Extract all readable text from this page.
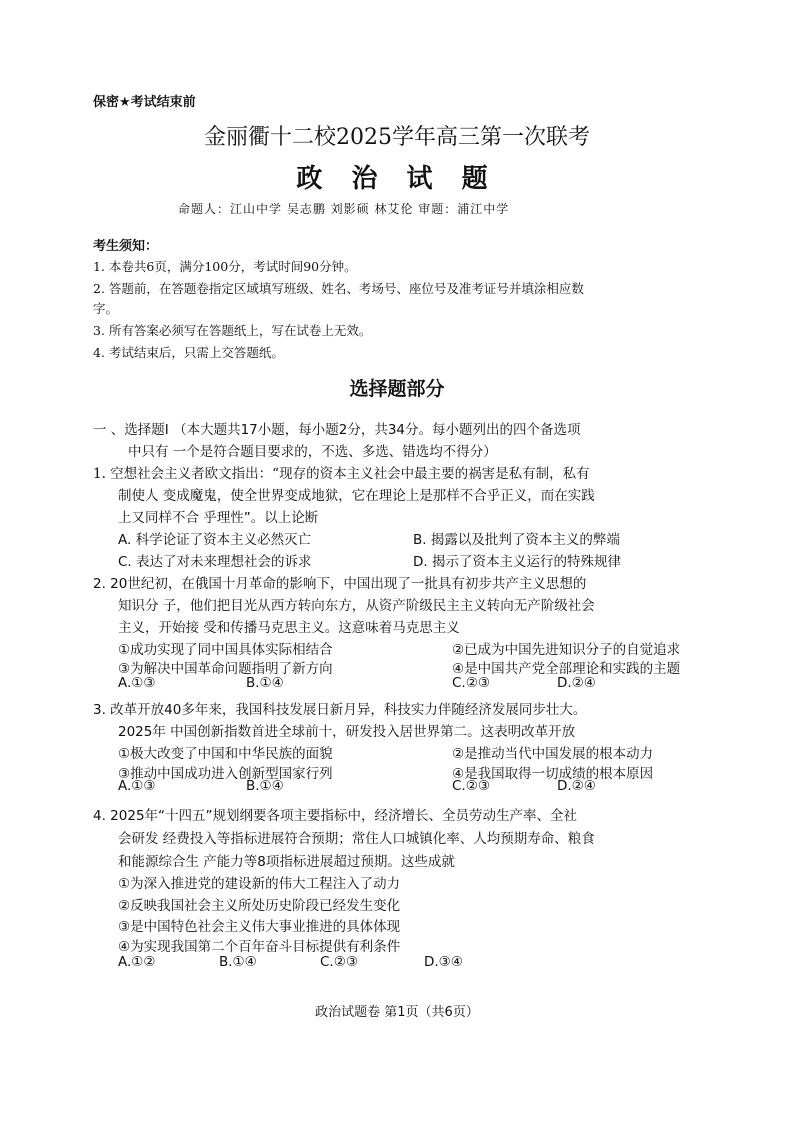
保密★考试结束前
金丽衢十二校2025学年高三第一次联考
政 治 试 题
命题人：江山中学 吴志鹏 刘影硕 林艾伦 审题：浦江中学
考生须知：
1. 本卷共6页，满分100分，考试时间90分钟。
2. 答题前，在答题卷指定区域填写班级、姓名、考场号、座位号及准考证号并填涂相应数
字。
3. 所有答案必须写在答题纸上，写在试卷上无效。
4. 考试结束后，只需上交答题纸。
选择题部分
一 、选择题Ⅰ （本大题共17小题，每小题2分，共34分。每小题列出的四个备选项
中只有 一个是符合题目要求的，不选、多选、错选均不得分）
1. 空想社会主义者欧文指出：“现存的资本主义社会中最主要的祸害是私有制，私有
制使人 变成魔鬼，使全世界变成地狱，它在理论上是那样不合乎正义，而在实践
上又同样不合 乎理性”。以上论断
A. 科学论证了资本主义必然灭亡	B. 揭露以及批判了资本主义的弊端
C. 表达了对未来理想社会的诉求	D. 揭示了资本主义运行的特殊规律
2. 20世纪初，在俄国十月革命的影响下，中国出现了一批具有初步共产主义思想的
知识分 子，他们把目光从西方转向东方，从资产阶级民主主义转向无产阶级社会
主义，开始接 受和传播马克思主义。这意味着马克思主义
①成功实现了同中国具体实际相结合	②已成为中国先进知识分子的自觉追求
③为解决中国革命问题指明了新方向	④是中国共产党全部理论和实践的主题
A.①③	B.①④	C.②③	D.②④
3. 改革开放40多年来，我国科技发展日新月异，科技实力伴随经济发展同步壮大。
2025年 中国创新指数首进全球前十，研发投入居世界第二。这表明改革开放
①极大改变了中国和中华民族的面貌	②是推动当代中国发展的根本动力
③推动中国成功进入创新型国家行列	④是我国取得一切成绩的根本原因
A.①③	B.①④	C.②③	D.②④
4. 2025年“十四五”规划纲要各项主要指标中，经济增长、全员劳动生产率、全社
会研发 经费投入等指标进展符合预期；常住人口城镇化率、人均预期寿命、粮食
和能源综合生 产能力等8项指标进展超过预期。这些成就
①为深入推进党的建设新的伟大工程注入了动力
②反映我国社会主义所处历史阶段已经发生变化
③是中国特色社会主义伟大事业推进的具体体现
④为实现我国第二个百年奋斗目标提供有利条件
A.①②	B.①④	C.②③	D.③④
政治试题卷 第1页（共6页）
